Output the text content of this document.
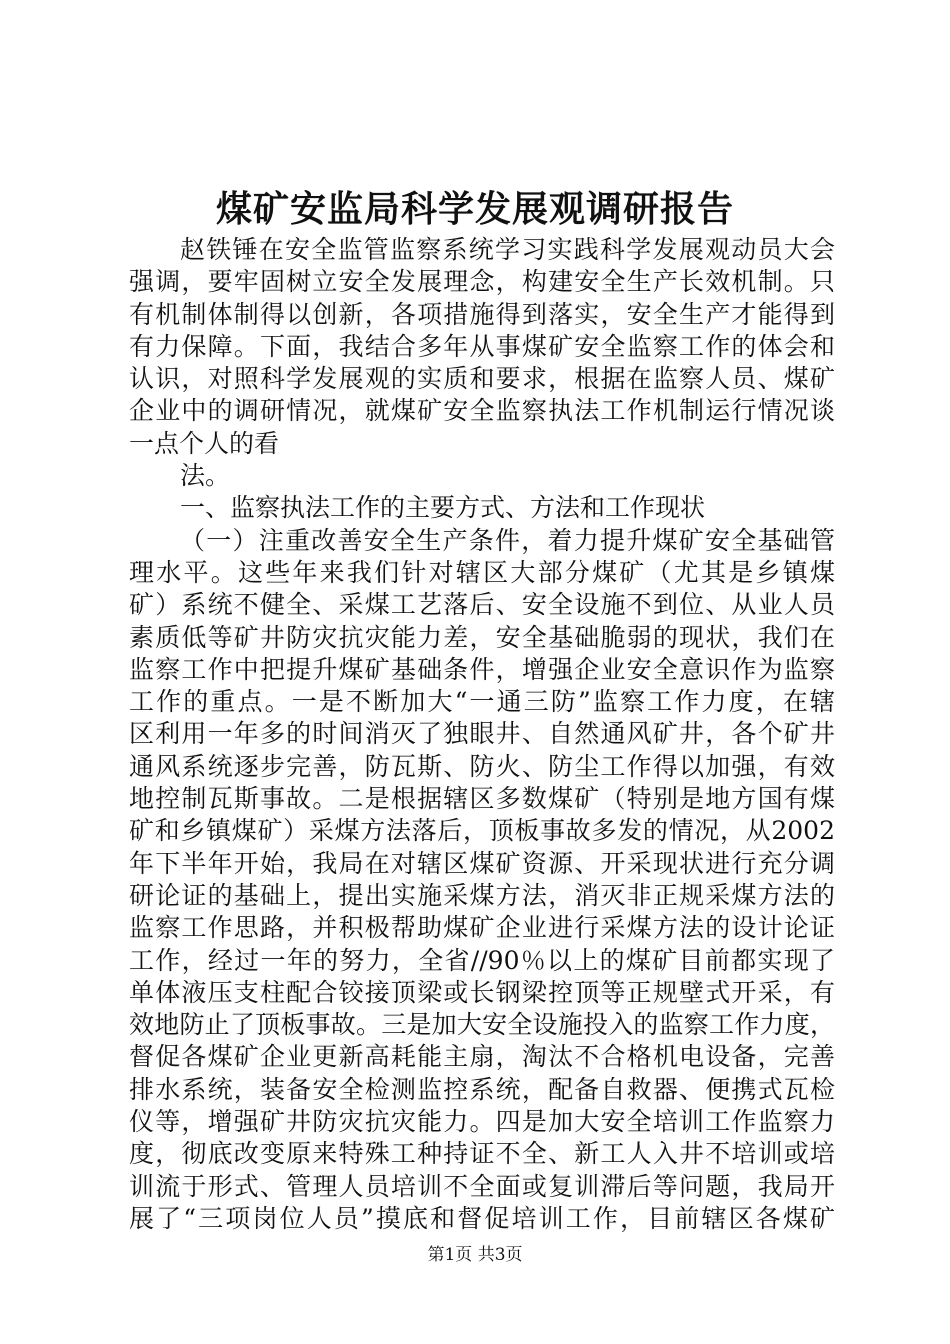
煤矿安监局科学发展观调研报告
赵铁锤在安全监管监察系统学习实践科学发展观动员大会
强调，要牢固树立安全发展理念，构建安全生产长效机制。只
有机制体制得以创新，各项措施得到落实，安全生产才能得到
有力保障。下面，我结合多年从事煤矿安全监察工作的体会和
认识，对照科学发展观的实质和要求，根据在监察人员、煤矿
企业中的调研情况，就煤矿安全监察执法工作机制运行情况谈
一点个人的看
法。
一、监察执法工作的主要方式、方法和工作现状
（一）注重改善安全生产条件，着力提升煤矿安全基础管
理水平。这些年来我们针对辖区大部分煤矿（尤其是乡镇煤
矿）系统不健全、采煤工艺落后、安全设施不到位、从业人员
素质低等矿井防灾抗灾能力差，安全基础脆弱的现状，我们在
监察工作中把提升煤矿基础条件，增强企业安全意识作为监察
工作的重点。一是不断加大“一通三防”监察工作力度，在辖
区利用一年多的时间消灭了独眼井、自然通风矿井，各个矿井
通风系统逐步完善，防瓦斯、防火、防尘工作得以加强，有效
地控制瓦斯事故。二是根据辖区多数煤矿（特别是地方国有煤
矿和乡镇煤矿）采煤方法落后，顶板事故多发的情况，从2002
年下半年开始，我局在对辖区煤矿资源、开采现状进行充分调
研论证的基础上，提出实施采煤方法，消灭非正规采煤方法的
监察工作思路，并积极帮助煤矿企业进行采煤方法的设计论证
工作，经过一年的努力，全省//90％以上的煤矿目前都实现了
单体液压支柱配合铰接顶梁或长钢梁控顶等正规壁式开采，有
效地防止了顶板事故。三是加大安全设施投入的监察工作力度，
督促各煤矿企业更新高耗能主扇，淘汰不合格机电设备，完善
排水系统，装备安全检测监控系统，配备自救器、便携式瓦检
仪等，增强矿井防灾抗灾能力。四是加大安全培训工作监察力
度，彻底改变原来特殊工种持证不全、新工人入井不培训或培
训流于形式、管理人员培训不全面或复训滞后等问题，我局开
展了“三项岗位人员”摸底和督促培训工作，目前辖区各煤矿
第1页 共3页
